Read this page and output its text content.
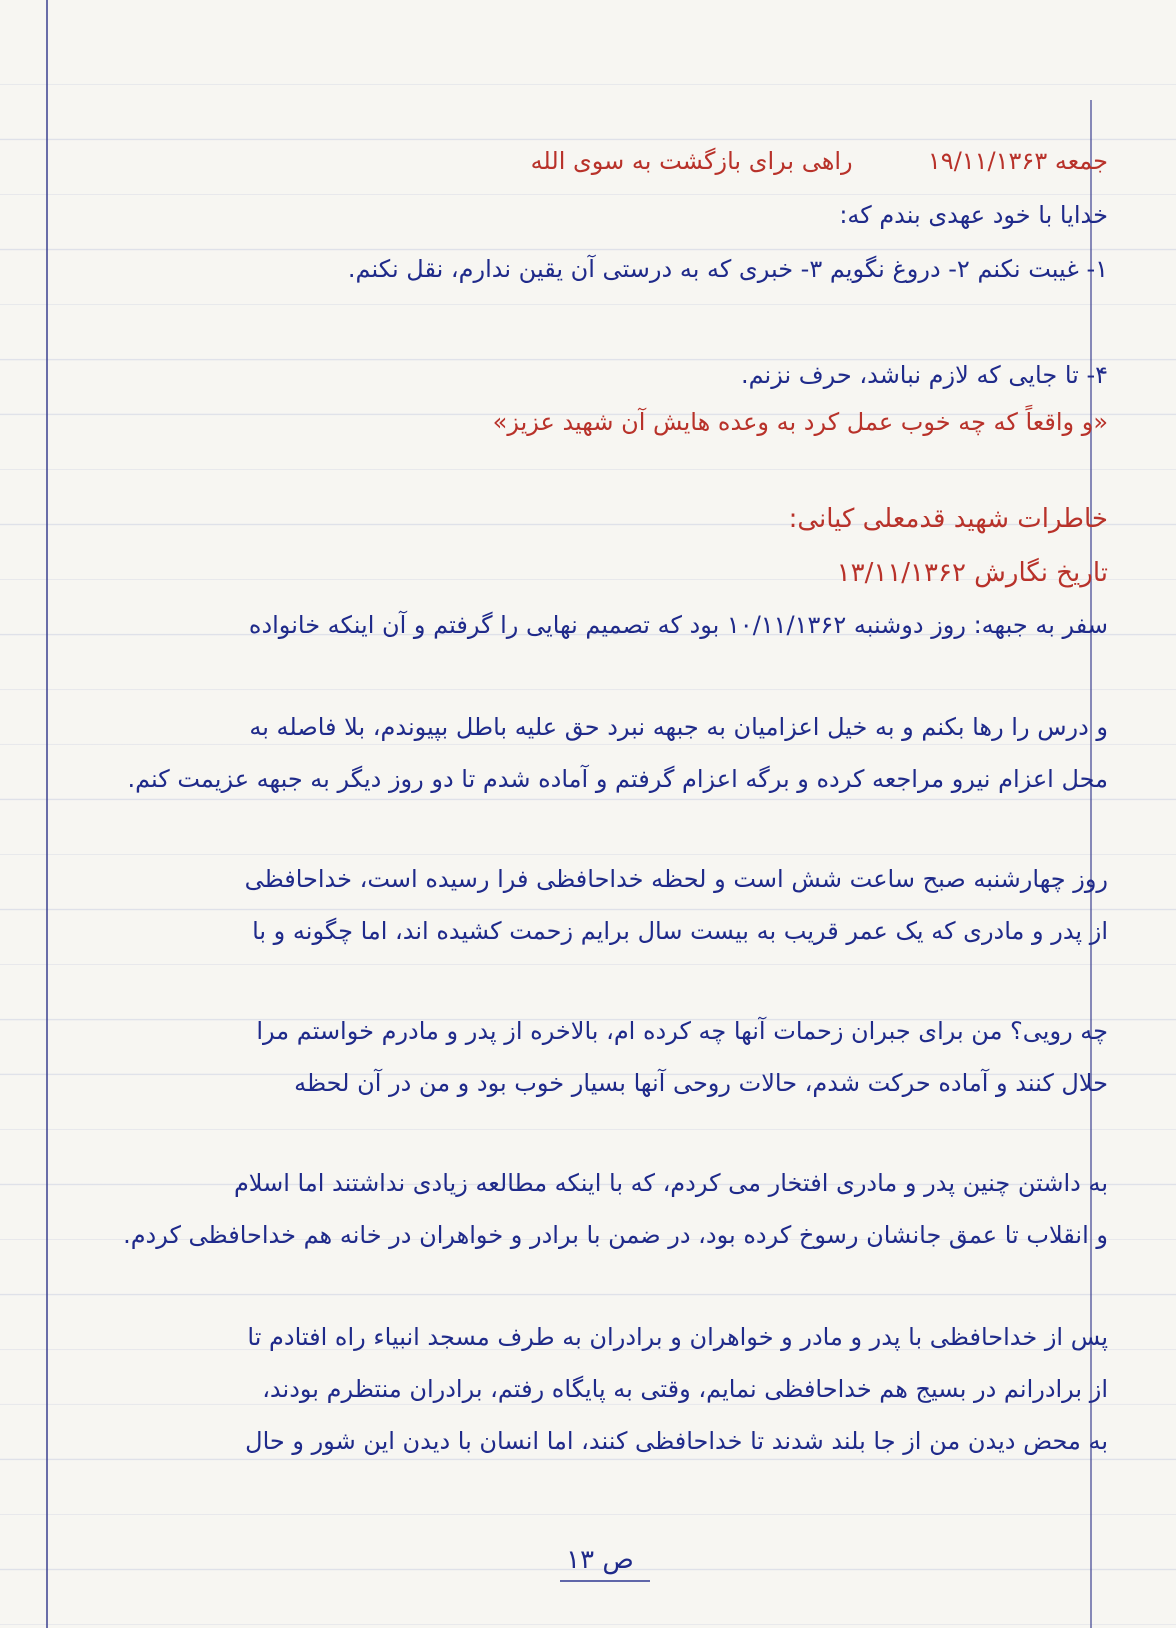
جمعه ۱۹/۱۱/۱۳۶۳  راهی برای بازگشت به سوی الله
خدایا با خود عهدی بندم که:
۱- غیبت نکنم ۲- دروغ نگویم ۳- خبری که به درستی آن یقین ندارم، نقل نکنم.
۴- تا جایی که لازم نباشد، حرف نزنم.
«و واقعاً که چه خوب عمل کرد به وعده هایش آن شهید عزیز»
خاطرات شهید قدمعلی کیانی:
تاریخ نگارش ۱۳/۱۱/۱۳۶۲
سفر به جبهه: روز دوشنبه ۱۰/۱۱/۱۳۶۲ بود که تصمیم نهایی را گرفتم و آن اینکه خانواده
و درس را رها بکنم و به خیل اعزامیان به جبهه نبرد حق علیه باطل بپیوندم، بلا فاصله به
محل اعزام نیرو مراجعه کرده و برگه اعزام گرفتم و آماده شدم تا دو روز دیگر به جبهه عزیمت کنم.
روز چهارشنبه صبح ساعت شش است و لحظه خداحافظی فرا رسیده است، خداحافظی
از پدر و مادری که یک عمر قریب به بیست سال برایم زحمت کشیده اند، اما چگونه و با
چه رویی؟ من برای جبران زحمات آنها چه کرده ام، بالاخره از پدر و مادرم خواستم مرا
حلال کنند و آماده حرکت شدم، حالات روحی آنها بسیار خوب بود و من در آن لحظه
به داشتن چنین پدر و مادری افتخار می کردم، که با اینکه مطالعه زیادی نداشتند اما اسلام
و انقلاب تا عمق جانشان رسوخ کرده بود، در ضمن با برادر و خواهران در خانه هم خداحافظی کردم.
پس از خداحافظی با پدر و مادر و خواهران و برادران به طرف مسجد انبیاء راه افتادم تا
از برادرانم در بسیج هم خداحافظی نمایم، وقتی به پایگاه رفتم، برادران منتظرم بودند،
به محض دیدن من از جا بلند شدند تا خداحافظی کنند، اما انسان با دیدن این شور و حال
ص ۱۳
